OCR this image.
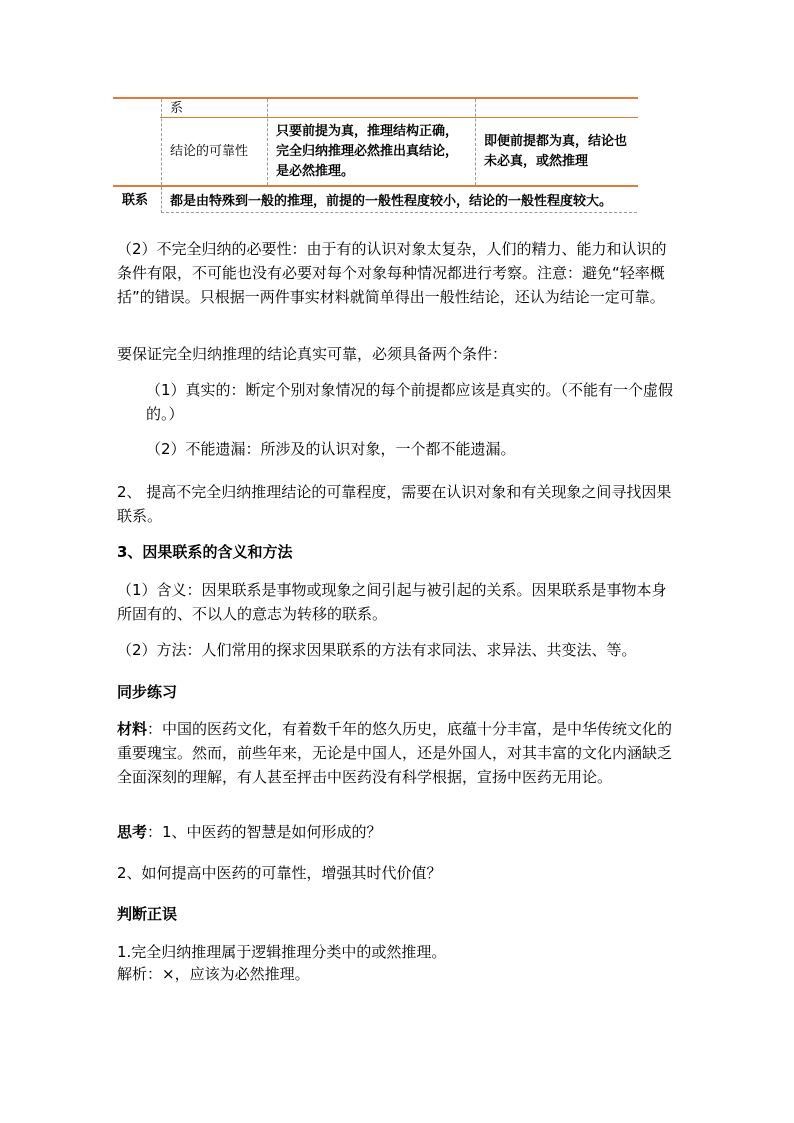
系
结论的可靠性
只要前提为真，推理结构正确，完全归纳推理必然推出真结论，是必然推理。
即便前提都为真，结论也未必真，或然推理
联系 都是由特殊到一般的推理，前提的一般性程度较小，结论的一般性程度较大。
（2）不完全归纳的必要性：由于有的认识对象太复杂，人们的精力、能力和认识的条件有限，不可能也没有必要对每个对象每种情况都进行考察。注意：避免“轻率概括”的错误。只根据一两件事实材料就简单得出一般性结论，还认为结论一定可靠。
要保证完全归纳推理的结论真实可靠，必须具备两个条件：
（1）真实的：断定个别对象情况的每个前提都应该是真实的。（不能有一个虚假的。）
（2）不能遗漏：所涉及的认识对象，一个都不能遗漏。
2、 提高不完全归纳推理结论的可靠程度，需要在认识对象和有关现象之间寻找因果联系。
3、因果联系的含义和方法
（1）含义：因果联系是事物或现象之间引起与被引起的关系。因果联系是事物本身所固有的、不以人的意志为转移的联系。
（2）方法：人们常用的探求因果联系的方法有求同法、求异法、共变法、等。
同步练习
材料：中国的医药文化，有着数千年的悠久历史，底蕴十分丰富，是中华传统文化的重要瑰宝。然而，前些年来，无论是中国人，还是外国人，对其丰富的文化内涵缺乏全面深刻的理解，有人甚至抨击中医药没有科学根据，宣扬中医药无用论。
思考：1、中医药的智慧是如何形成的？
2、如何提高中医药的可靠性，增强其时代价值？
判断正误
1.完全归纳推理属于逻辑推理分类中的或然推理。
解析：×，应该为必然推理。
